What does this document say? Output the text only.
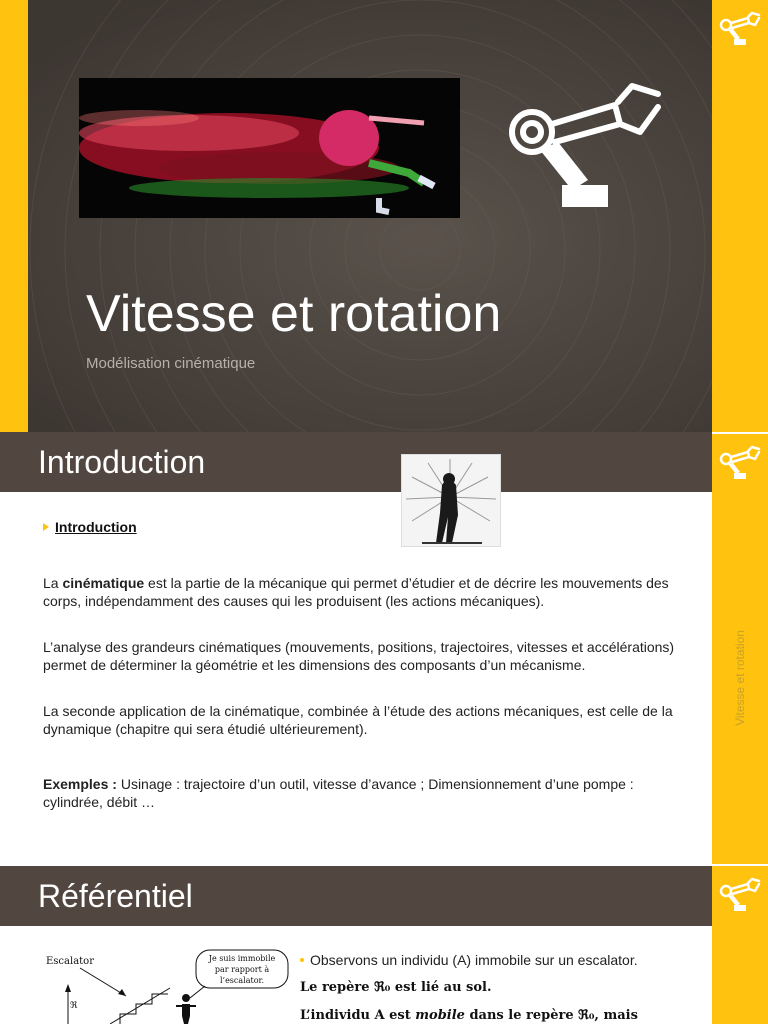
Vitesse et rotation
Modélisation cinématique
Introduction
Introduction
La cinématique est la partie de la mécanique qui permet d’étudier et de décrire les mouvements des corps, indépendamment des causes qui les produisent (les actions mécaniques).
L’analyse des grandeurs cinématiques (mouvements, positions, trajectoires, vitesses et accélérations) permet de déterminer la géométrie et les dimensions des composants d’un mécanisme.
La seconde application de la cinématique, combinée à l’étude des actions mécaniques, est celle de la dynamique (chapitre qui sera étudié ultérieurement).
Exemples : Usinage : trajectoire d’un outil, vitesse d’avance ; Dimensionnement d’une pompe : cylindrée, débit …
Vitesse et rotation
Référentiel
Escalator	Je suis immobile
par rapport à
l’escalator.
ℜ
Observons un individu (A) immobile sur un escalator.
Le repère ℜ₀ est lié au sol.
L’individu A est mobile dans le repère ℜ₀, mais
